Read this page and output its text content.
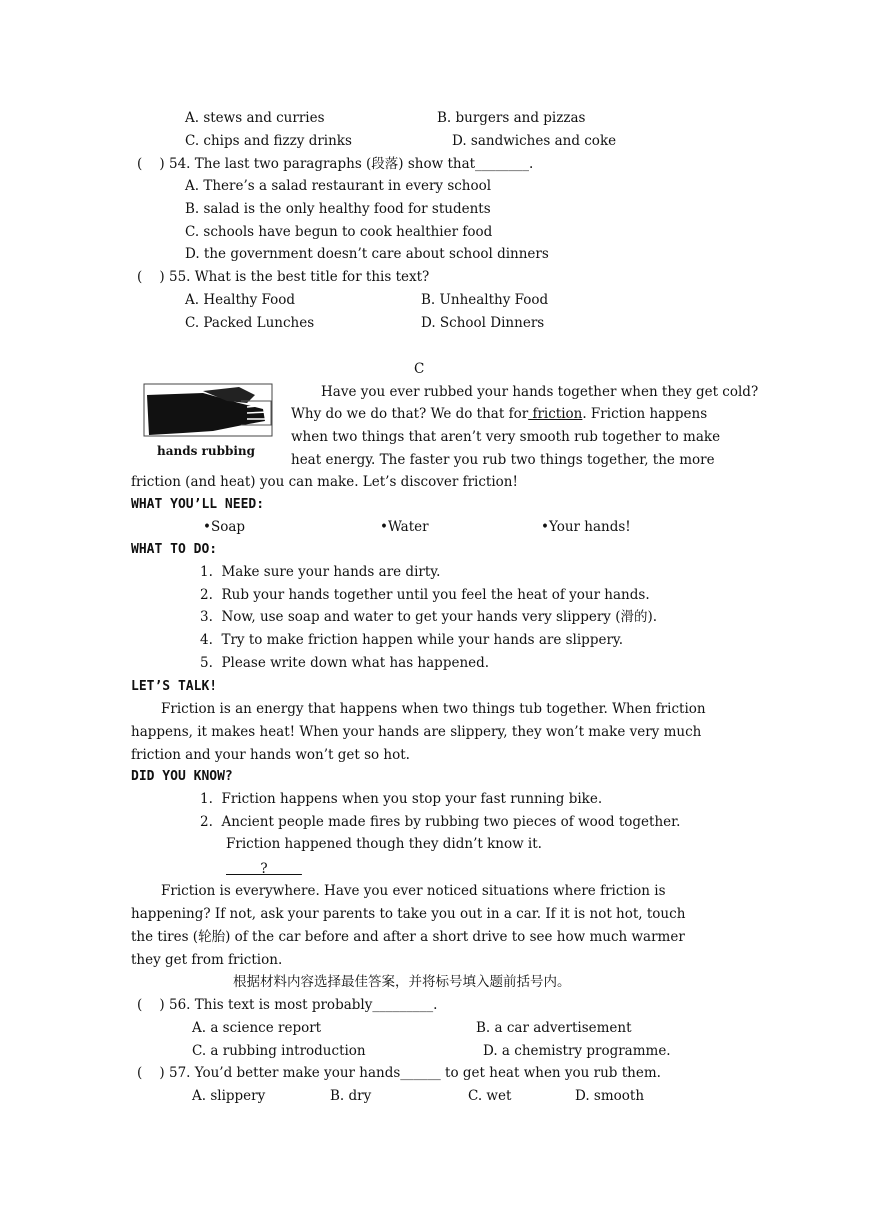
A. stews and curries	B. burgers and pizzas
C. chips and fizzy drinks	D. sandwiches and coke
(    ) 54. The last two paragraphs (段落) show that________.
A. There’s a salad restaurant in every school
B. salad is the only healthy food for students
C. schools have begun to cook healthier food
D. the government doesn’t care about school dinners
(    ) 55. What is the best title for this text?
A. Healthy Food	B. Unhealthy Food
C. Packed Lunches	D. School Dinners
C
hands rubbing
Have you ever rubbed your hands together when they get cold?
Why do we do that? We do that for friction. Friction happens
when two things that aren’t very smooth rub together to make
heat energy. The faster you rub two things together, the more
friction (and heat) you can make. Let’s discover friction!
WHAT YOU’LL NEED:
•Soap	•Water	•Your hands!
WHAT TO DO:
1.  Make sure your hands are dirty.
2.  Rub your hands together until you feel the heat of your hands.
3.  Now, use soap and water to get your hands very slippery (滑的).
4.  Try to make friction happen while your hands are slippery.
5.  Please write down what has happened.
LET’S TALK!
Friction is an energy that happens when two things tub together. When friction
happens, it makes heat! When your hands are slippery, they won’t make very much
friction and your hands won’t get so hot.
DID YOU KNOW?
1.  Friction happens when you stop your fast running bike.
2.  Ancient people made fires by rubbing two pieces of wood together.
Friction happened though they didn’t know it.
?
Friction is everywhere. Have you ever noticed situations where friction is
happening? If not, ask your parents to take you out in a car. If it is not hot, touch
the tires (轮胎) of the car before and after a short drive to see how much warmer
they get from friction.
根据材料内容选择最佳答案，并将标号填入题前括号内。
(    ) 56. This text is most probably_________.
A. a science report	B. a car advertisement
C. a rubbing introduction	D. a chemistry programme.
(    ) 57. You’d better make your hands______ to get heat when you rub them.
A. slippery	B. dry	C. wet	D. smooth
